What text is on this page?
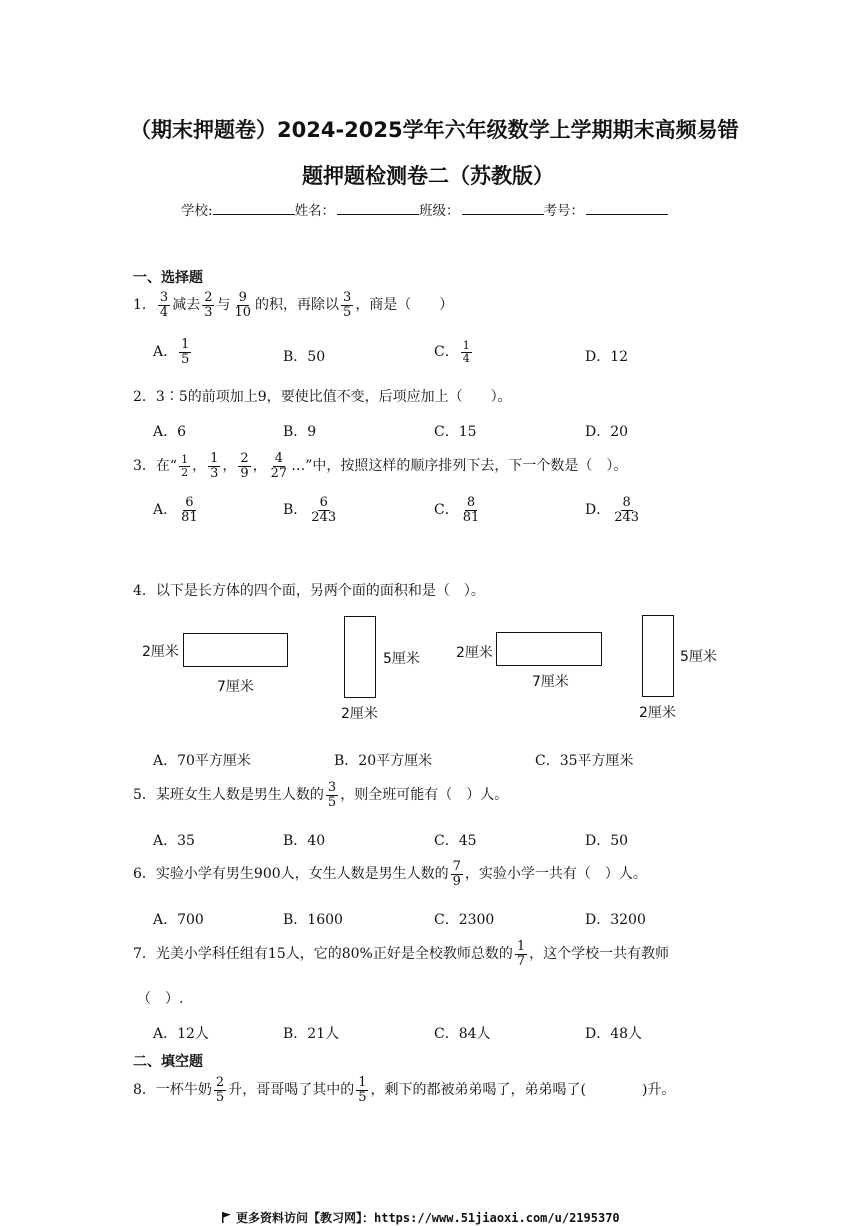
（期末押题卷）2024-2025学年六年级数学上学期期末高频易错
题押题检测卷二（苏教版）
学校:	姓名：	班级：	考号：
一、选择题
1． $\frac{3}{4}$ 减去 $\frac{2}{3}$ 与 $\frac{9}{10}$ 的积，再除以 $\frac{3}{5}$ ，商是（　　）
A． $\frac{1}{5}$	B．50	C． $\frac{1}{4}$	D．12
2．3∶5的前项加上9，要使比值不变，后项应加上（　　）。
A．6	B．9	C．15	D．20
3．在“ $\frac{1}{2}$ ， $\frac{1}{3}$ ， $\frac{2}{9}$ ， $\frac{4}{27}$ …”中，按照这样的顺序排列下去，下一个数是（　）。
A． $\frac{6}{81}$	B． $\frac{6}{243}$	C． $\frac{8}{81}$	D． $\frac{8}{243}$
4．以下是长方体的四个面，另两个面的面积和是（　）。
2厘米
7厘米
5厘米
2厘米
2厘米
7厘米
5厘米
2厘米
A．70平方厘米	B．20平方厘米	C．35平方厘米
5．某班女生人数是男生人数的 $\frac{3}{5}$ ，则全班可能有（　）人。
A．35	B．40	C．45	D．50
6．实验小学有男生900人，女生人数是男生人数的 $\frac{7}{9}$ ，实验小学一共有（　）人。
A．700	B．1600	C．2300	D．3200
7．光美小学科任组有15人，它的80%正好是全校教师总数的 $\frac{1}{7}$ ，这个学校一共有教师
（　）.
A．12人	B．21人	C．84人	D．48人
二、填空题
8．一杯牛奶 $\frac{2}{5}$ 升，哥哥喝了其中的 $\frac{1}{5}$ ，剩下的都被弟弟喝了，弟弟喝了(　　　　)升。
更多资料访问【教习网】：https://www.51jiaoxi.com/u/2195370
